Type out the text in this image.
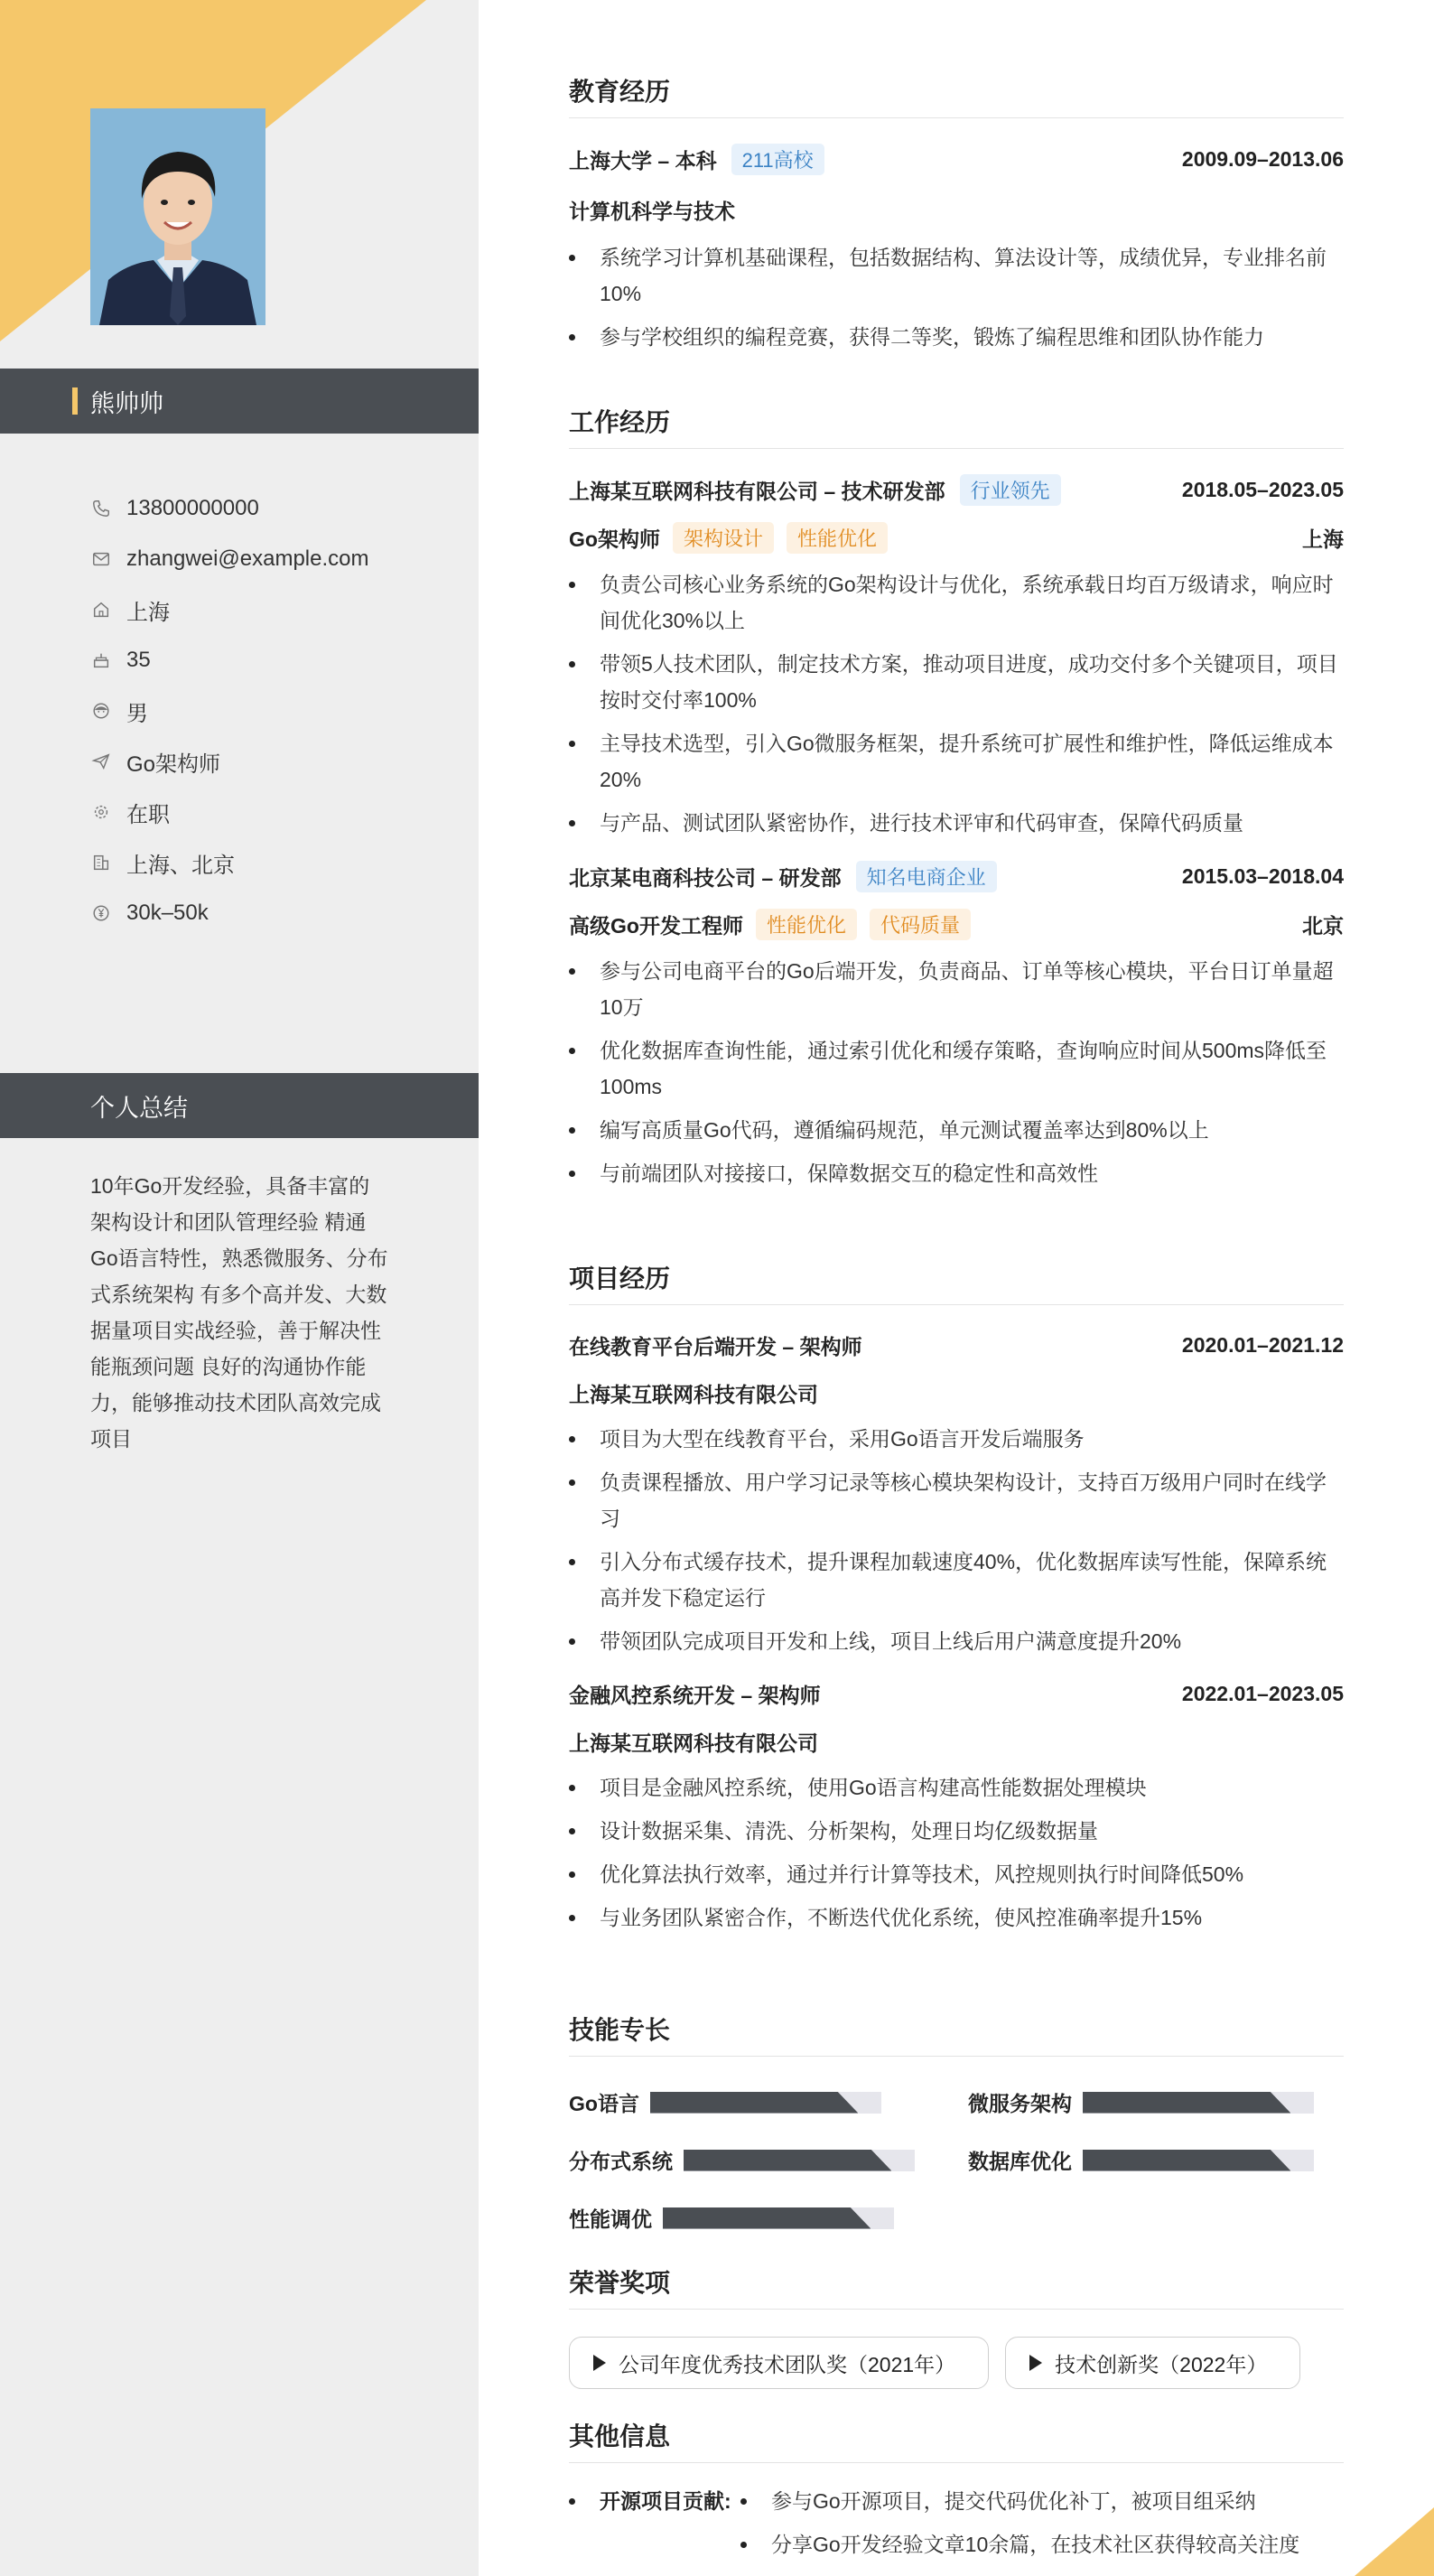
熊帅帅
13800000000
zhangwei@example.com
上海
35
男
Go架构师
在职
上海、北京
30k–50k
个人总结
10年Go开发经验，具备丰富的架构设计和团队管理经验 精通Go语言特性，熟悉微服务、分布式系统架构 有多个高并发、大数据量项目实战经验，善于解决性能瓶颈问题 良好的沟通协作能力，能够推动技术团队高效完成项目
教育经历
上海大学 – 本科	211高校	2009.09–2013.06
计算机科学与技术
系统学习计算机基础课程，包括数据结构、算法设计等，成绩优异，专业排名前10%
参与学校组织的编程竞赛，获得二等奖，锻炼了编程思维和团队协作能力
工作经历
上海某互联网科技有限公司 – 技术研发部	行业领先	2018.05–2023.05
Go架构师	架构设计	性能优化	上海
负责公司核心业务系统的Go架构设计与优化，系统承载日均百万级请求，响应时间优化30%以上
带领5人技术团队，制定技术方案，推动项目进度，成功交付多个关键项目，项目按时交付率100%
主导技术选型，引入Go微服务框架，提升系统可扩展性和维护性，降低运维成本20%
与产品、测试团队紧密协作，进行技术评审和代码审查，保障代码质量
北京某电商科技公司 – 研发部	知名电商企业	2015.03–2018.04
高级Go开发工程师	性能优化	代码质量	北京
参与公司电商平台的Go后端开发，负责商品、订单等核心模块，平台日订单量超10万
优化数据库查询性能，通过索引优化和缓存策略，查询响应时间从500ms降低至100ms
编写高质量Go代码，遵循编码规范，单元测试覆盖率达到80%以上
与前端团队对接接口，保障数据交互的稳定性和高效性
项目经历
在线教育平台后端开发 – 架构师	2020.01–2021.12
上海某互联网科技有限公司
项目为大型在线教育平台，采用Go语言开发后端服务
负责课程播放、用户学习记录等核心模块架构设计，支持百万级用户同时在线学习
引入分布式缓存技术，提升课程加载速度40%，优化数据库读写性能，保障系统高并发下稳定运行
带领团队完成项目开发和上线，项目上线后用户满意度提升20%
金融风控系统开发 – 架构师	2022.01–2023.05
上海某互联网科技有限公司
项目是金融风控系统，使用Go语言构建高性能数据处理模块
设计数据采集、清洗、分析架构，处理日均亿级数据量
优化算法执行效率，通过并行计算等技术，风控规则执行时间降低50%
与业务团队紧密合作，不断迭代优化系统，使风控准确率提升15%
技能专长
Go语言	微服务架构
分布式系统	数据库优化
性能调优
荣誉奖项
公司年度优秀技术团队奖（2021年）	技术创新奖（2022年）
其他信息
开源项目贡献:	参与Go开源项目，提交代码优化补丁，被项目组采纳
分享Go开发经验文章10余篇，在技术社区获得较高关注度
